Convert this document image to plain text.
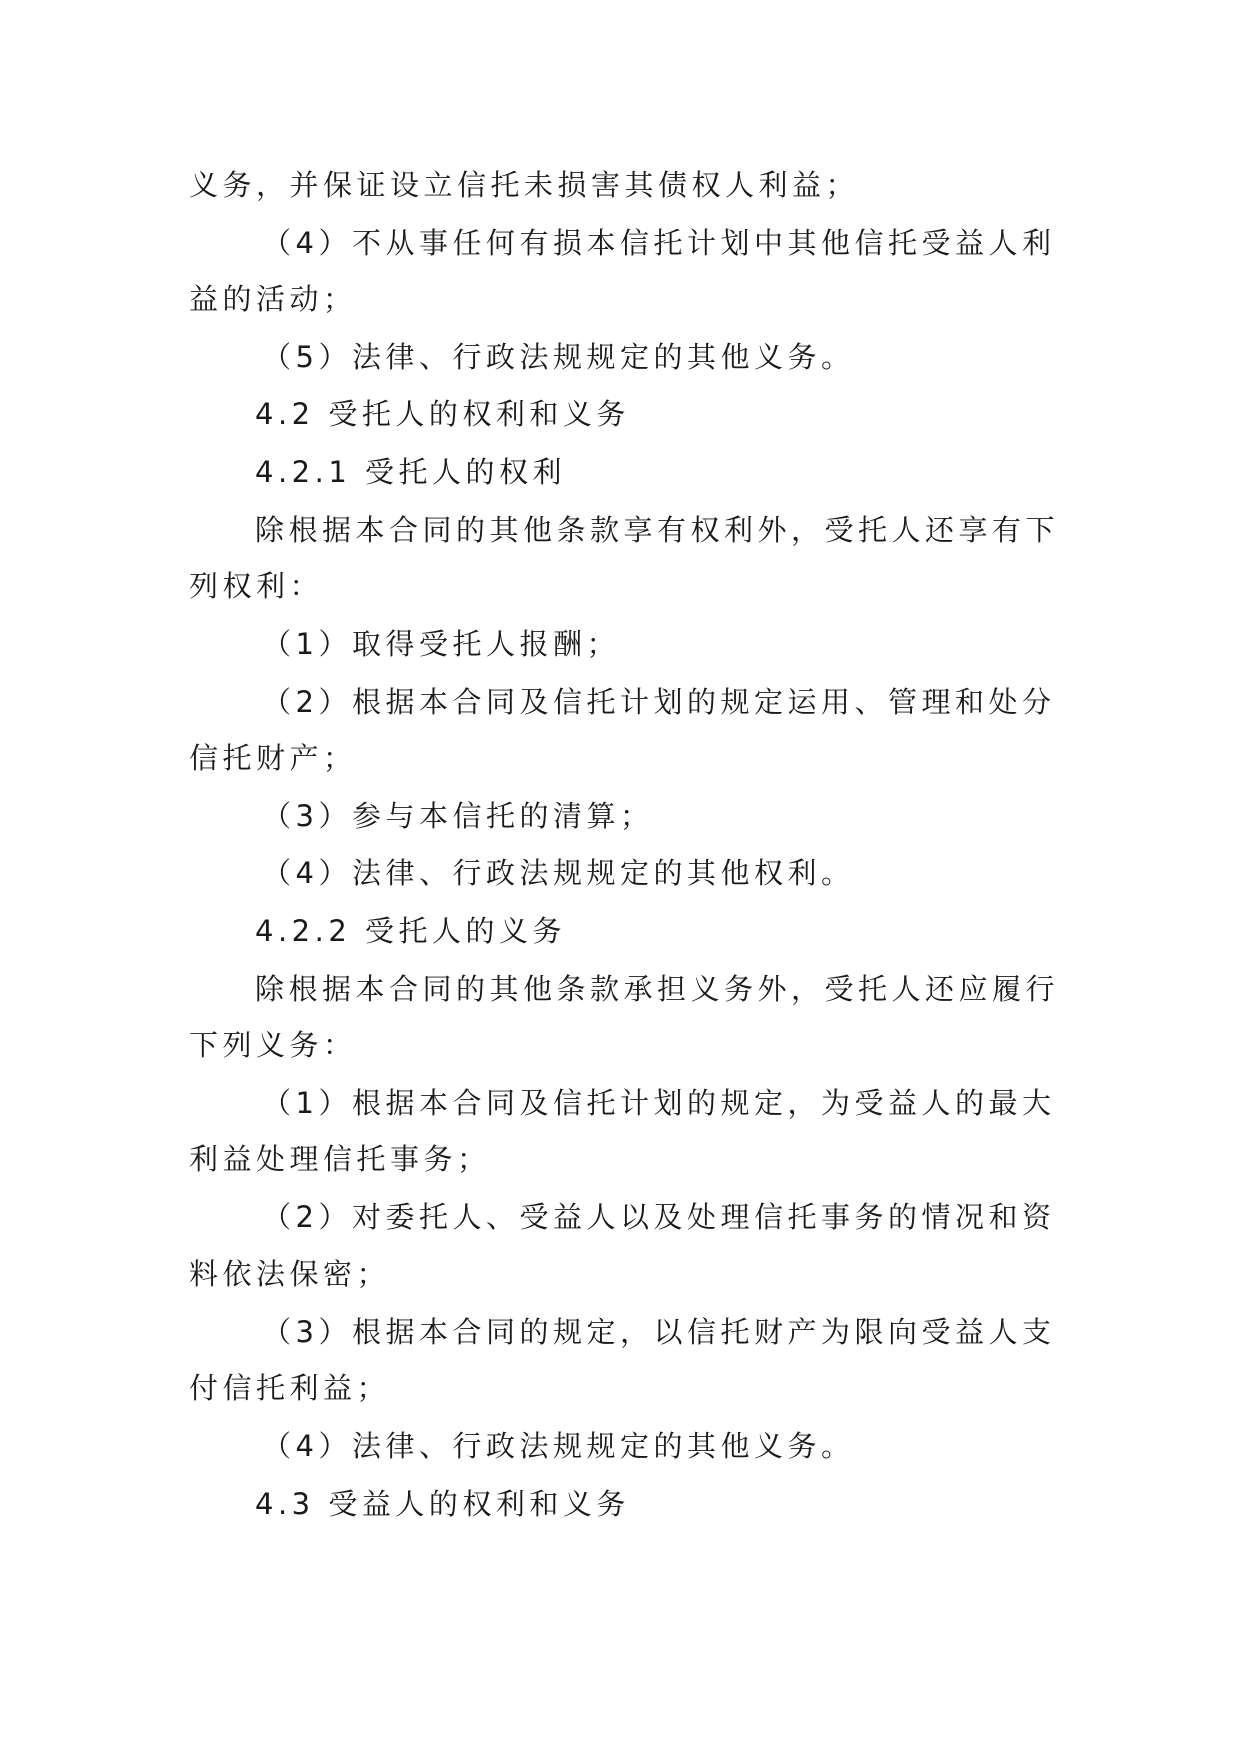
义务，并保证设立信托未损害其债权人利益；

（4）不从事任何有损本信托计划中其他信托受益人利

益的活动；

（5）法律、行政法规规定的其他义务。

4.2 受托人的权利和义务

4.2.1 受托人的权利

除根据本合同的其他条款享有权利外，受托人还享有下

列权利：

（1）取得受托人报酬；

（2）根据本合同及信托计划的规定运用、管理和处分

信托财产；

（3）参与本信托的清算；

（4）法律、行政法规规定的其他权利。

4.2.2 受托人的义务

除根据本合同的其他条款承担义务外，受托人还应履行

下列义务：

（1）根据本合同及信托计划的规定，为受益人的最大

利益处理信托事务；

（2）对委托人、受益人以及处理信托事务的情况和资

料依法保密；

（3）根据本合同的规定，以信托财产为限向受益人支

付信托利益；

（4）法律、行政法规规定的其他义务。

4.3 受益人的权利和义务
